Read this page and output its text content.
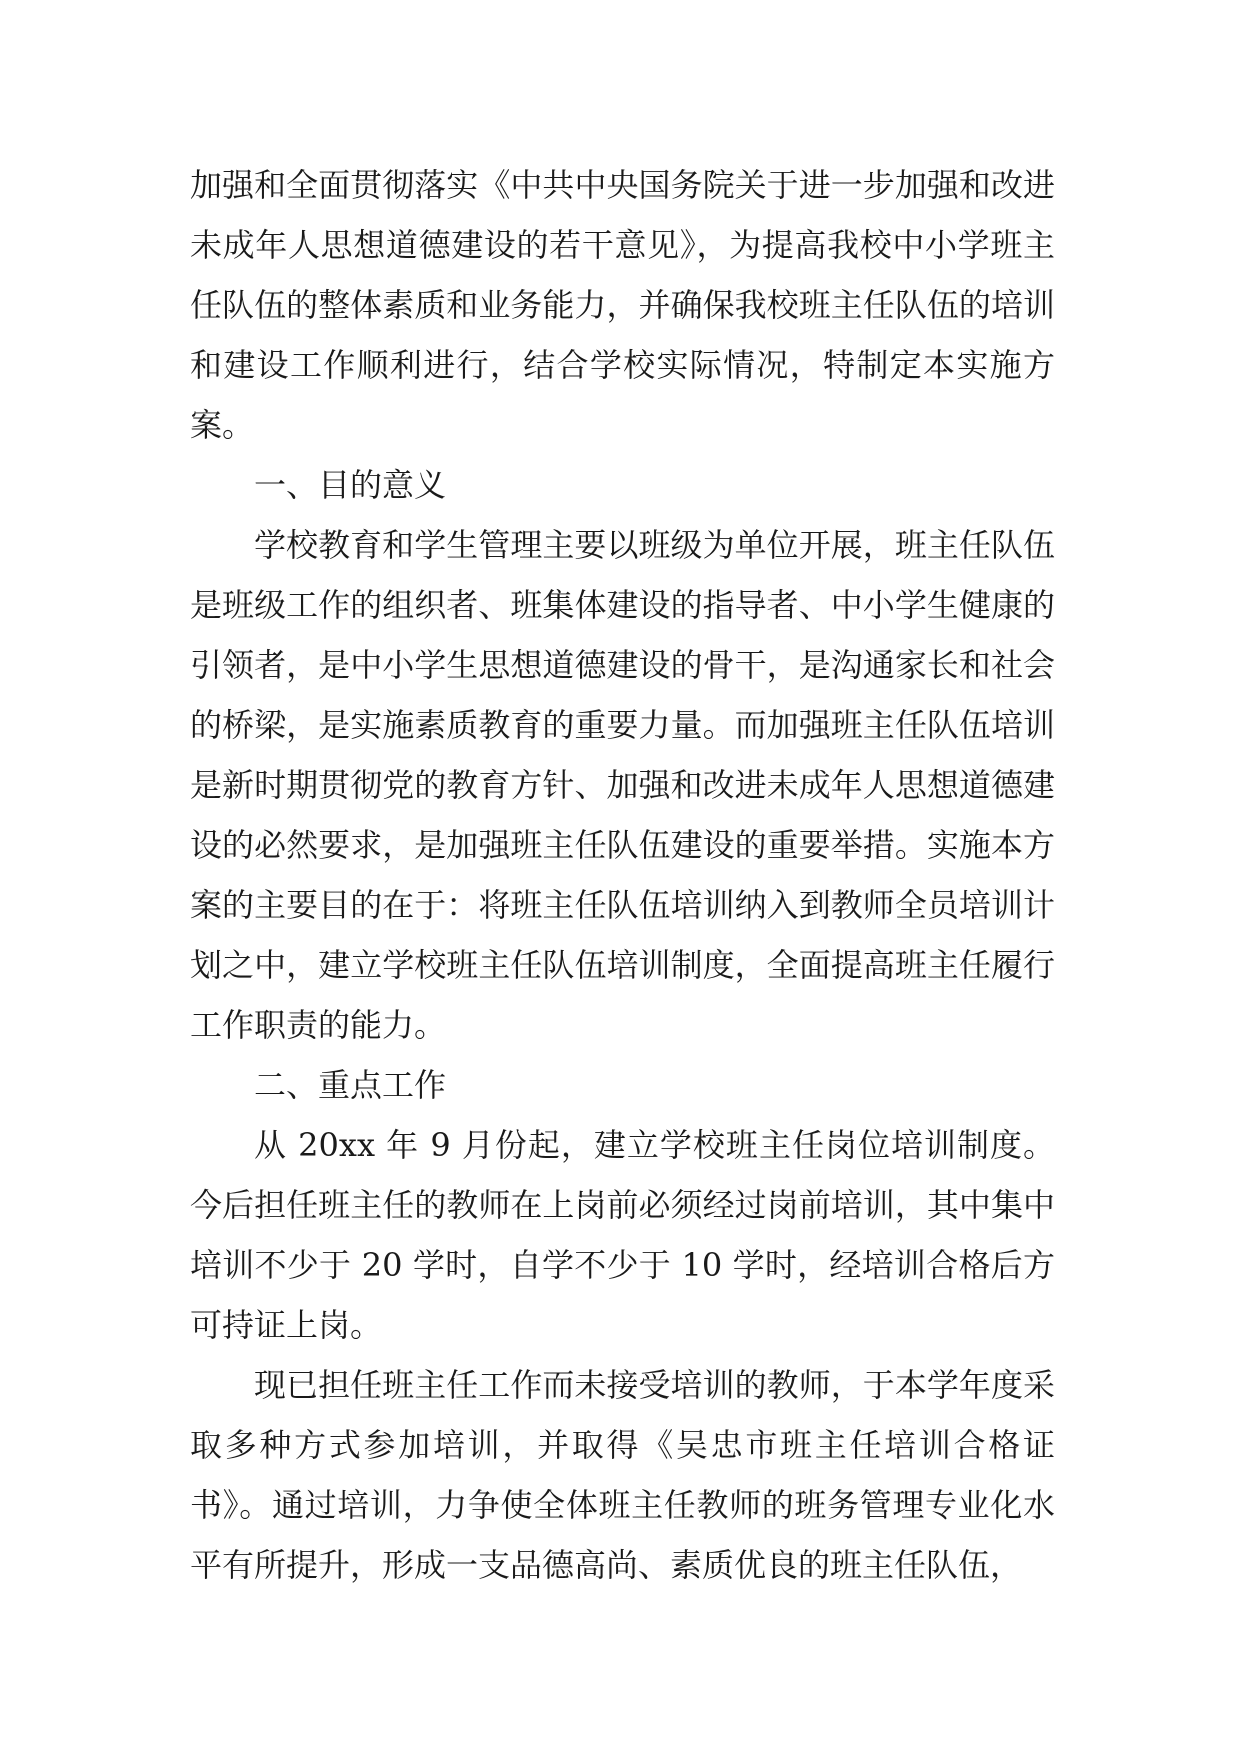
加强和全面贯彻落实《中共中央国务院关于进一步加强和改进未成年人思想道德建设的若干意见》，为提高我校中小学班主任队伍的整体素质和业务能力，并确保我校班主任队伍的培训和建设工作顺利进行，结合学校实际情况，特制定本实施方案。

一、目的意义

学校教育和学生管理主要以班级为单位开展，班主任队伍是班级工作的组织者、班集体建设的指导者、中小学生健康的引领者，是中小学生思想道德建设的骨干，是沟通家长和社会的桥梁，是实施素质教育的重要力量。而加强班主任队伍培训是新时期贯彻党的教育方针、加强和改进未成年人思想道德建设的必然要求，是加强班主任队伍建设的重要举措。实施本方案的主要目的在于：将班主任队伍培训纳入到教师全员培训计划之中，建立学校班主任队伍培训制度，全面提高班主任履行工作职责的能力。

二、重点工作

从 20xx 年 9 月份起，建立学校班主任岗位培训制度。今后担任班主任的教师在上岗前必须经过岗前培训，其中集中培训不少于 20 学时，自学不少于 10 学时，经培训合格后方可持证上岗。

现已担任班主任工作而未接受培训的教师，于本学年度采取多种方式参加培训，并取得《吴忠市班主任培训合格证书》。通过培训，力争使全体班主任教师的班务管理专业化水平有所提升，形成一支品德高尚、素质优良的班主任队伍，
